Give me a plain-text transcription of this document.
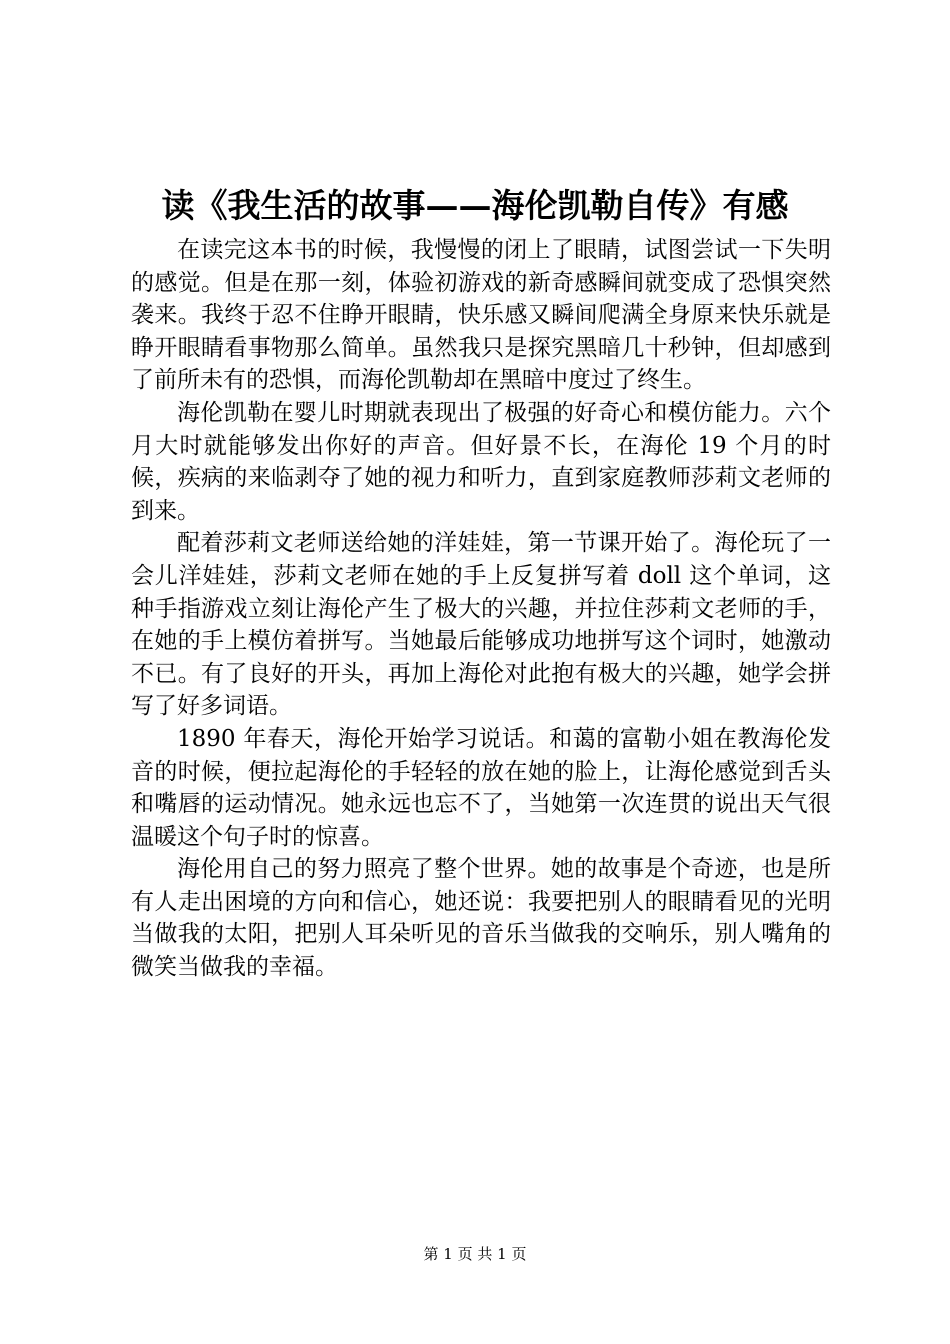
读《我生活的故事——海伦凯勒自传》有感

在读完这本书的时候，我慢慢的闭上了眼睛，试图尝试一下失明的感觉。但是在那一刻，体验初游戏的新奇感瞬间就变成了恐惧突然袭来。我终于忍不住睁开眼睛，快乐感又瞬间爬满全身原来快乐就是睁开眼睛看事物那么简单。虽然我只是探究黑暗几十秒钟，但却感到了前所未有的恐惧，而海伦凯勒却在黑暗中度过了终生。

海伦凯勒在婴儿时期就表现出了极强的好奇心和模仿能力。六个月大时就能够发出你好的声音。但好景不长，在海伦 19 个月的时候，疾病的来临剥夺了她的视力和听力，直到家庭教师莎莉文老师的到来。

配着莎莉文老师送给她的洋娃娃，第一节课开始了。海伦玩了一会儿洋娃娃，莎莉文老师在她的手上反复拼写着 doll 这个单词，这种手指游戏立刻让海伦产生了极大的兴趣，并拉住莎莉文老师的手，在她的手上模仿着拼写。当她最后能够成功地拼写这个词时，她激动不已。有了良好的开头，再加上海伦对此抱有极大的兴趣，她学会拼写了好多词语。

1890 年春天，海伦开始学习说话。和蔼的富勒小姐在教海伦发音的时候，便拉起海伦的手轻轻的放在她的脸上，让海伦感觉到舌头和嘴唇的运动情况。她永远也忘不了，当她第一次连贯的说出天气很温暖这个句子时的惊喜。

海伦用自己的努力照亮了整个世界。她的故事是个奇迹，也是所有人走出困境的方向和信心，她还说：我要把别人的眼睛看见的光明当做我的太阳，把别人耳朵听见的音乐当做我的交响乐，别人嘴角的微笑当做我的幸福。

第 1 页 共 1 页
